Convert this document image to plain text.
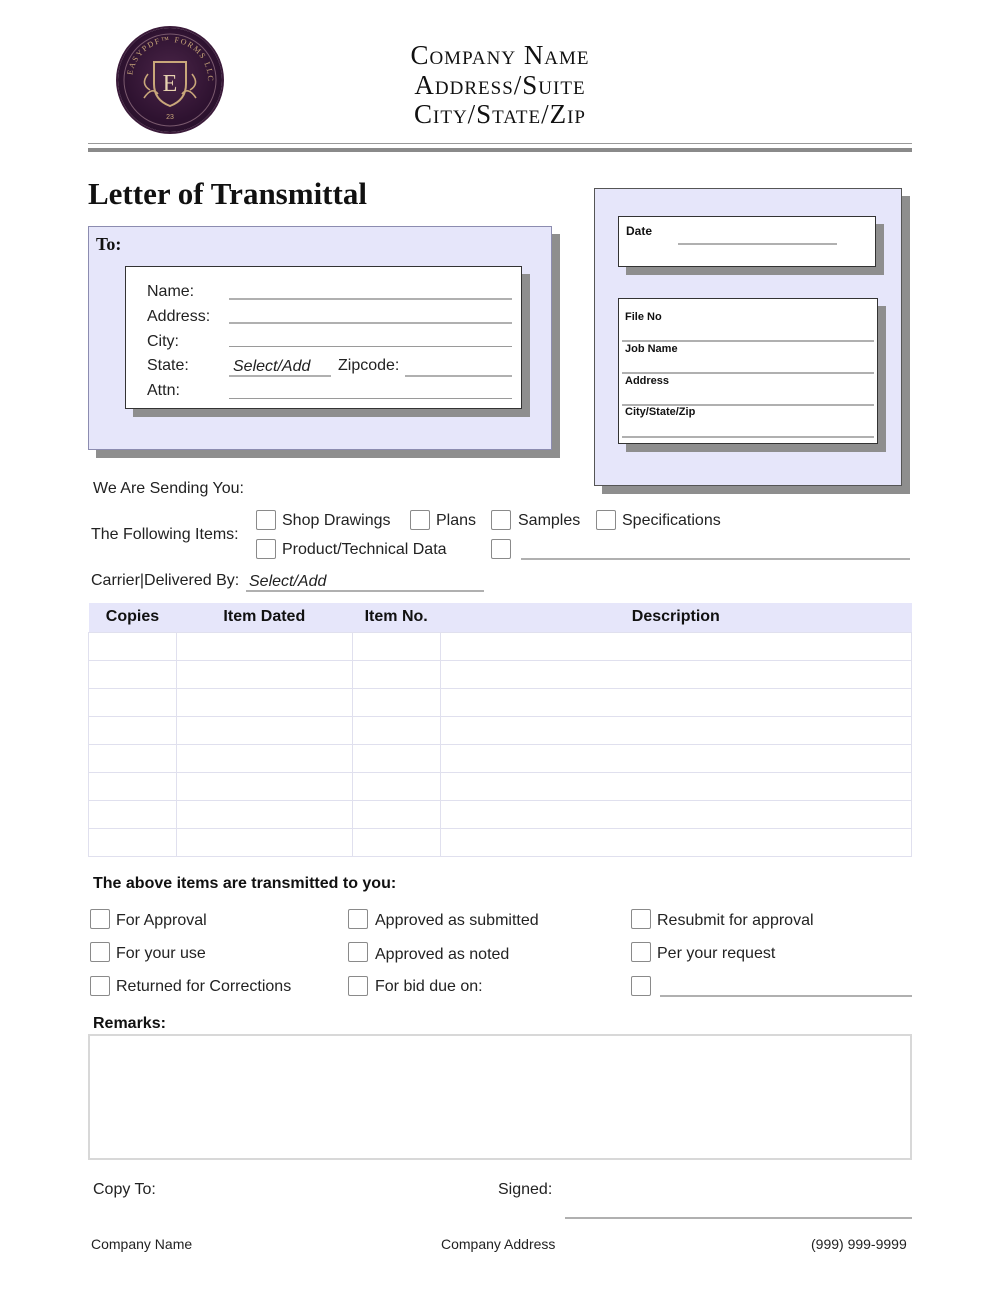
EASYPDF™ FORMS LLC
E
23
Company Name
Address/Suite
City/State/Zip
Letter of Transmittal
To:
Name:
Address:
City:
State:	Select/Add Zipcode:
Attn:
Date
File No
Job Name
Address
City/State/Zip
We Are Sending You:
The Following Items:
Shop Drawings	Plans	Samples	Specifications
Product/Technical Data
Carrier|Delivered By: Select/Add
Copies	Item Dated	Item No.	Description

The above items are transmitted to you:
For Approval
For your use
Returned for Corrections
Approved as submitted
Approved as noted
For bid due on:
Resubmit for approval
Per your request
Remarks:
Copy To:	Signed:
Company Name	Company Address	(999) 999-9999
